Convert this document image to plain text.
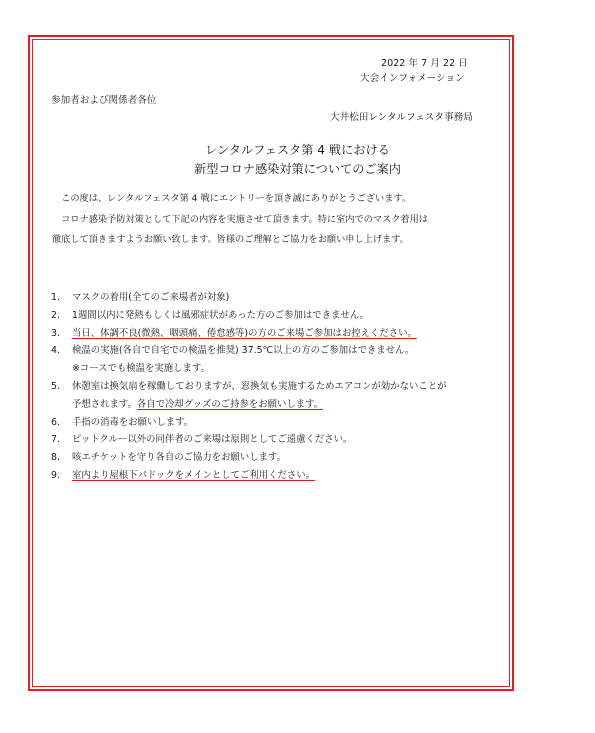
2022 年 7 月 22 日
大会インフォメーション
参加者および関係者各位
大井松田レンタルフェスタ事務局
レンタルフェスタ第 4 戦における
新型コロナ感染対策についてのご案内
　この度は、レンタルフェスタ第 4 戦にエントリーを頂き誠にありがとうございます。
　コロナ感染予防対策として下記の内容を実施させて頂きます。特に室内でのマスク着用は
徹底して頂きますようお願い致します。皆様のご理解とご協力をお願い申し上げます。
1. マスクの着用(全てのご来場者が対象)
2. 1週間以内に発熱もしくは風邪症状があった方のご参加はできません。
3. 当日、体調不良(微熱、咽頭痛、倦怠感等)の方のご来場ご参加はお控えください。
4. 検温の実施(各自で自宅での検温を推奨) 37.5℃以上の方のご参加はできません。
※コースでも検温を実施します。
5. 休憩室は換気扇を稼働しておりますが、窓換気も実施するためエアコンが効かないことが
予想されます。各自で冷却グッズのご持参をお願いします。
6. 手指の消毒をお願いします。
7. ピットクルー以外の同伴者のご来場は原則としてご遠慮ください。
8. 咳エチケットを守り各自のご協力をお願いします。
9. 室内より屋根下パドックをメインとしてご利用ください。
